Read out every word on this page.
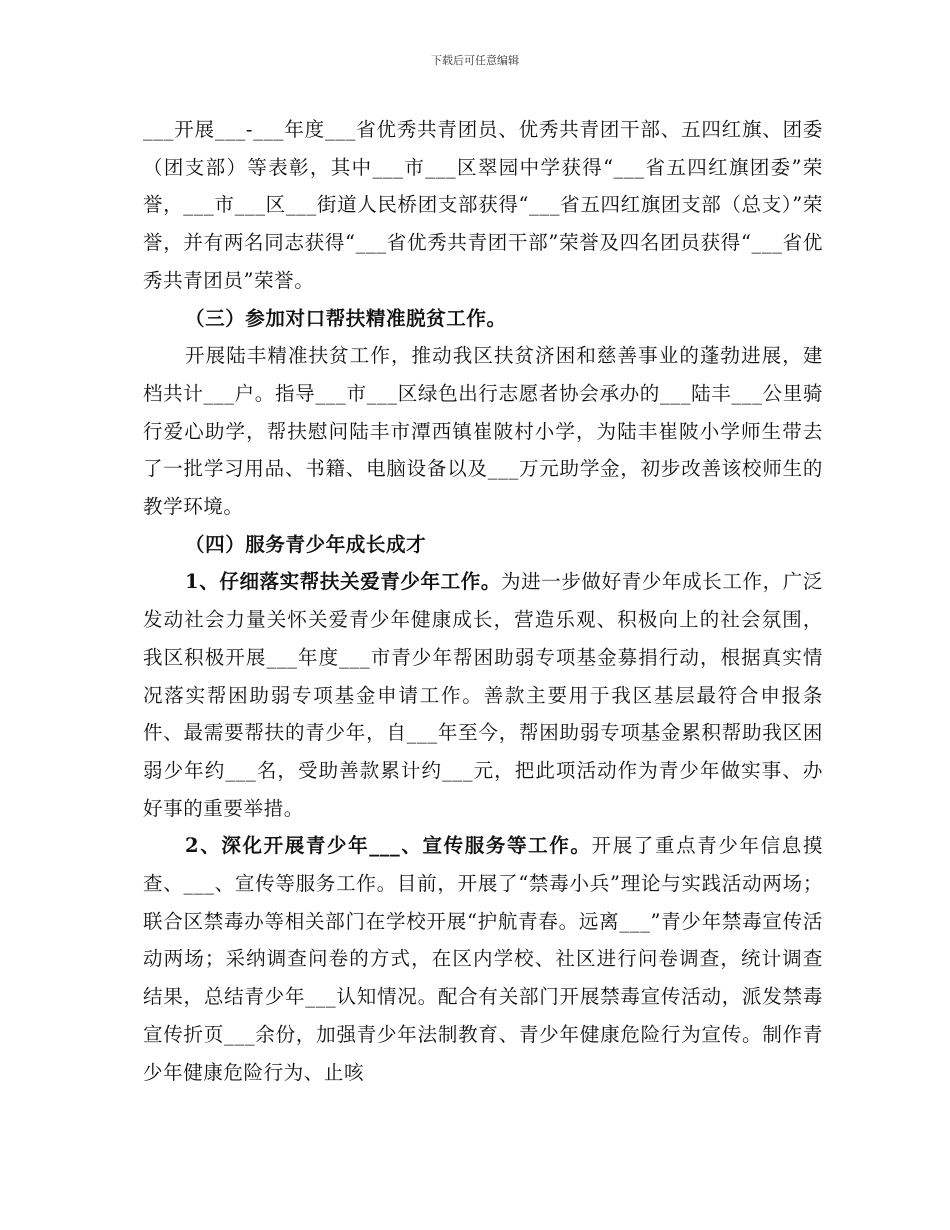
下载后可任意编辑

___开展___-___年度___省优秀共青团员、优秀共青团干部、五四红旗、团委（团支部）等表彰，其中___市___区翠园中学获得“___省五四红旗团委”荣誉，___市___区___街道人民桥团支部获得“___省五四红旗团支部（总支）”荣誉，并有两名同志获得“___省优秀共青团干部”荣誉及四名团员获得“___省优秀共青团员”荣誉。

（三）参加对口帮扶精准脱贫工作。

开展陆丰精准扶贫工作，推动我区扶贫济困和慈善事业的蓬勃进展，建档共计___户。指导___市___区绿色出行志愿者协会承办的___陆丰___公里骑行爱心助学，帮扶慰问陆丰市潭西镇崔陂村小学，为陆丰崔陂小学师生带去了一批学习用品、书籍、电脑设备以及___万元助学金，初步改善该校师生的教学环境。

（四）服务青少年成长成才

1、仔细落实帮扶关爱青少年工作。为进一步做好青少年成长工作，广泛发动社会力量关怀关爱青少年健康成长，营造乐观、积极向上的社会氛围，我区积极开展___年度___市青少年帮困助弱专项基金募捐行动，根据真实情况落实帮困助弱专项基金申请工作。善款主要用于我区基层最符合申报条件、最需要帮扶的青少年，自___年至今，帮困助弱专项基金累积帮助我区困弱少年约___名，受助善款累计约___元，把此项活动作为青少年做实事、办好事的重要举措。

2、深化开展青少年___、宣传服务等工作。开展了重点青少年信息摸查、___、宣传等服务工作。目前，开展了“禁毒小兵”理论与实践活动两场；联合区禁毒办等相关部门在学校开展“护航青春。远离___”青少年禁毒宣传活动两场；采纳调查问卷的方式，在区内学校、社区进行问卷调查，统计调查结果，总结青少年___认知情况。配合有关部门开展禁毒宣传活动，派发禁毒宣传折页___余份，加强青少年法制教育、青少年健康危险行为宣传。制作青少年健康危险行为、止咳
